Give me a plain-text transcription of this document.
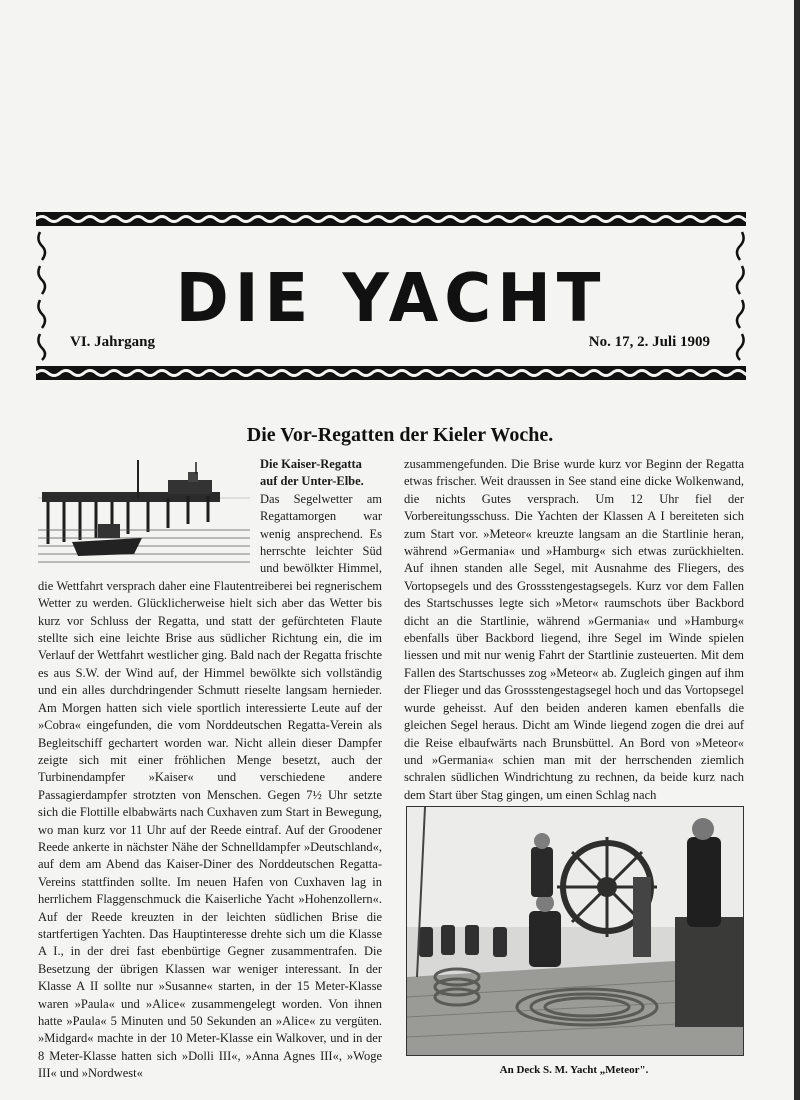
DIE YACHT
VI. Jahrgang	No. 17, 2. Juli 1909
Die Vor-Regatten der Kieler Woche.
Die Kaiser-Regatta auf der Unter-Elbe.
Das Segelwetter am Regattamorgen war wenig ansprechend. Es herrschte leichter Süd und bewölkter Himmel, die Wettfahrt versprach daher eine Flautentreiberei bei regnerischem Wetter zu werden. Glücklicherweise hielt sich aber das Wetter bis kurz vor Schluss der Regatta, und statt der gefürchteten Flaute stellte sich eine leichte Brise aus südlicher Richtung ein, die im Verlauf der Wettfahrt westlicher ging. Bald nach der Regatta frischte es aus S.W. der Wind auf, der Himmel bewölkte sich vollständig und ein alles durchdringender Schmutt rieselte langsam hernieder. Am Morgen hatten sich viele sportlich interessierte Leute auf der »Cobra« eingefunden, die vom Norddeutschen Regatta-Verein als Begleitschiff gechartert worden war. Nicht allein dieser Dampfer zeigte sich mit einer fröhlichen Menge besetzt, auch der Turbinendampfer »Kaiser« und verschiedene andere Passagierdampfer strotzten von Menschen. Gegen 7½ Uhr setzte sich die Flottille elbabwärts nach Cuxhaven zum Start in Bewegung, wo man kurz vor 11 Uhr auf der Reede eintraf. Auf der Groodener Reede ankerte in nächster Nähe der Schnelldampfer »Deutschland«, auf dem am Abend das Kaiser-Diner des Norddeutschen Regatta-Vereins stattfinden sollte. Im neuen Hafen von Cuxhaven lag in herrlichem Flaggenschmuck die Kaiserliche Yacht »Hohenzollern«. Auf der Reede kreuzten in der leichten südlichen Brise die startfertigen Yachten. Das Hauptinteresse drehte sich um die Klasse A I., in der drei fast ebenbürtige Gegner zusammentrafen. Die Besetzung der übrigen Klassen war weniger interessant. In der Klasse A II sollte nur »Susanne« starten, in der 15 Meter-Klasse waren »Paula« und »Alice« zusammengelegt worden. Von ihnen hatte »Paula« 5 Minuten und 50 Sekunden an »Alice« zu vergüten. »Midgard« machte in der 10 Meter-Klasse ein Walkover, und in der 8 Meter-Klasse hatten sich »Dolli III«, »Anna Agnes III«, »Woge III« und »Nordwest«

zusammengefunden. Die Brise wurde kurz vor Beginn der Regatta etwas frischer. Weit draussen in See stand eine dicke Wolkenwand, die nichts Gutes versprach. Um 12 Uhr fiel der Vorbereitungsschuss. Die Yachten der Klassen A I bereiteten sich zum Start vor. »Meteor« kreuzte langsam an die Startlinie heran, während »Germania« und »Hamburg« sich etwas zurückhielten. Auf ihnen standen alle Segel, mit Ausnahme des Fliegers, des Vortopsegels und des Grossstengestagsegels. Kurz vor dem Fallen des Startschusses legte sich »Metor« raumschots über Backbord dicht an die Startlinie, während »Germania« und »Hamburg« ebenfalls über Backbord liegend, ihre Segel im Winde spielen liessen und mit nur wenig Fahrt der Startlinie zusteuerten. Mit dem Fallen des Startschusses zog »Meteor« ab. Zugleich gingen auf ihm der Flieger und das Grossstengestagsegel hoch und das Vortopsegel wurde geheisst. Auf den beiden anderen kamen ebenfalls die gleichen Segel heraus. Dicht am Winde liegend zogen die drei auf die Reise elbaufwärts nach Brunsbüttel. An Bord von »Meteor« und »Germania« schien man mit der herrschenden ziemlich schralen südlichen Windrichtung zu rechnen, da beide kurz nach dem Start über Stag gingen, um einen Schlag nach

An Deck S. M. Yacht „Meteor".
